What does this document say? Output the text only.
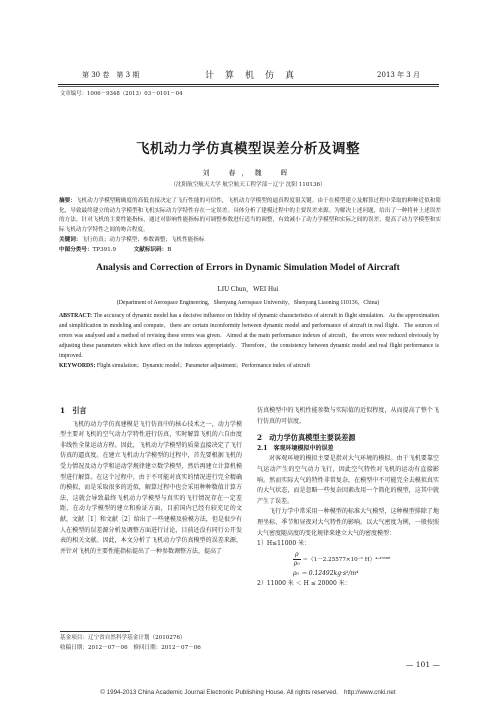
第 30 卷　第 3 期	计　算　机　仿　真	2013 年 3 月
文章编号：1006－9348（2013）03－0101－04
飞机动力学仿真模型误差分析及调整
刘　春，魏　晖
（沈阳航空航天大学 航空航天工程学部－辽宁 沈阳 110136）
摘要：飞机动力学模型精确度的高低直接决定了飞行性能的可信性，飞机动力学模型的逼真程度很关键。由于在模型建立及解算过程中采取的种种近似和简化，导致最终建立的动力学模型和飞机实际动力学特性存在一定误差。具体分析了建模过程中的主要误差来源。为解决上述问题，给出了一种将补上述误差的方法。针对飞机的主要性能指标，通过对影响性能指标的可调整参数进行适当的调整，有效减小了动力学模型和实际之间的误差，提高了动力学模型和实际飞机动力学特性之间的吻合程度。
关键词：飞行仿真；动力学模型；参数调整；飞机性能指标
中图分类号：TP391.9	文献标识码：B
Analysis and Correction of Errors in Dynamic Simulation Model of Aircraft
LIU Chun，WEI Hui
(Department of Aerospace Engineering，Shenyang Aerospace University，Shenyang Liaoning 110136，China)
ABSTRACT: The accuracy of dynamic model has a decisive influence on fidelity of dynamic characteristics of aircraft in flight simulation．As the approximation and simplification in modeling and compute，there are certain inconformity between dynamic model and performance of aircraft in real flight．The sources of errors was analysed and a method of revising these errors was given．Aimed at the main performance indexes of aircraft，the errors were reduced obviously by adjusting these parameters which have effect on the indexes appropriately．Therefore，the consistency between dynamic model and real flight performance is improved.
KEYWORDS: Flight simulation；Dynamic model；Parameter adjustment；Performance index of aircraft
1　引言
飞机的动力学仿真建模是飞行仿真中的核心技术之一，动力学模型主要对飞机的空气动力学特性进行仿真，实时解算飞机的六自由度非线性全量运动方程。因此，飞机动力学模型的质量直接决定了飞行仿真的逼真度。在建立飞机动力学模型的过程中，首先要根据飞机的受力情况及动力学和运动学规律建立数学模型，然后再建立计算机模型进行解算。在这个过程中，由于不可能对真实的情况进行完全精确的模拟，而是采取很多的近似，解算过程中也会采用种种数值计算方法，这就会导致最终飞机动力学模型与真实的飞行情况存在一定差距，在动力学模型的建立和验证方面，目前国内已经有较充足的文献，文献［1］和文献［2］给出了一些建模及验模方法，但是很少有人在模型的误差源分析及调整方面进行讨论，目前还没有同行公开发表的相关文献。因此，本文分析了飞机动力学仿真模型的误差来源，并针对飞机的主要性能指标提出了一种参数调整方法，提高了
基金项目：辽宁省自然科学基金计划（2010276）
收稿日期：2012－07－06　修回日期：2012－07－06
仿真模型中的飞机性能参数与实际值的近似程度，从而提高了整个飞行仿真的可信度。
2　动力学仿真模型主要误差源
2.1　客观环境模拟中的误差
对客观环境的模拟主要是指对大气环境的模拟。由于飞机要靠空气运动产生的空气动力飞行，因此空气特性对飞机的运动有直接影响。然而实际大气的特性非常复杂，在模型中不可能完全去模拟真实的大气状态，而是忽略一些复杂因素改用一个简化的模型，这其中就产生了误差。
飞行力学中常采用一种模型的标准大气模型，这种模型排除了地理坐标、季节和昼夜对大气特性的影响。以大气密度为例，一般按照大气密度随高度的变化规律来建立大气的密度模型：
1）H≤11000 米：
$\frac{\rho}{\text{ρ₀}} =(1-2.25577\times 10^{-5}$ H）⁴·²⁵⁵⁸⁸
ρ₀ ＝ 0.12492kg·s²/m⁴
2）11000 米 ＜ H ≤ 20000 米：
— 101 —
© 1994-2013 China Academic Journal Electronic Publishing House. All rights reserved.　http://www.cnki.net
